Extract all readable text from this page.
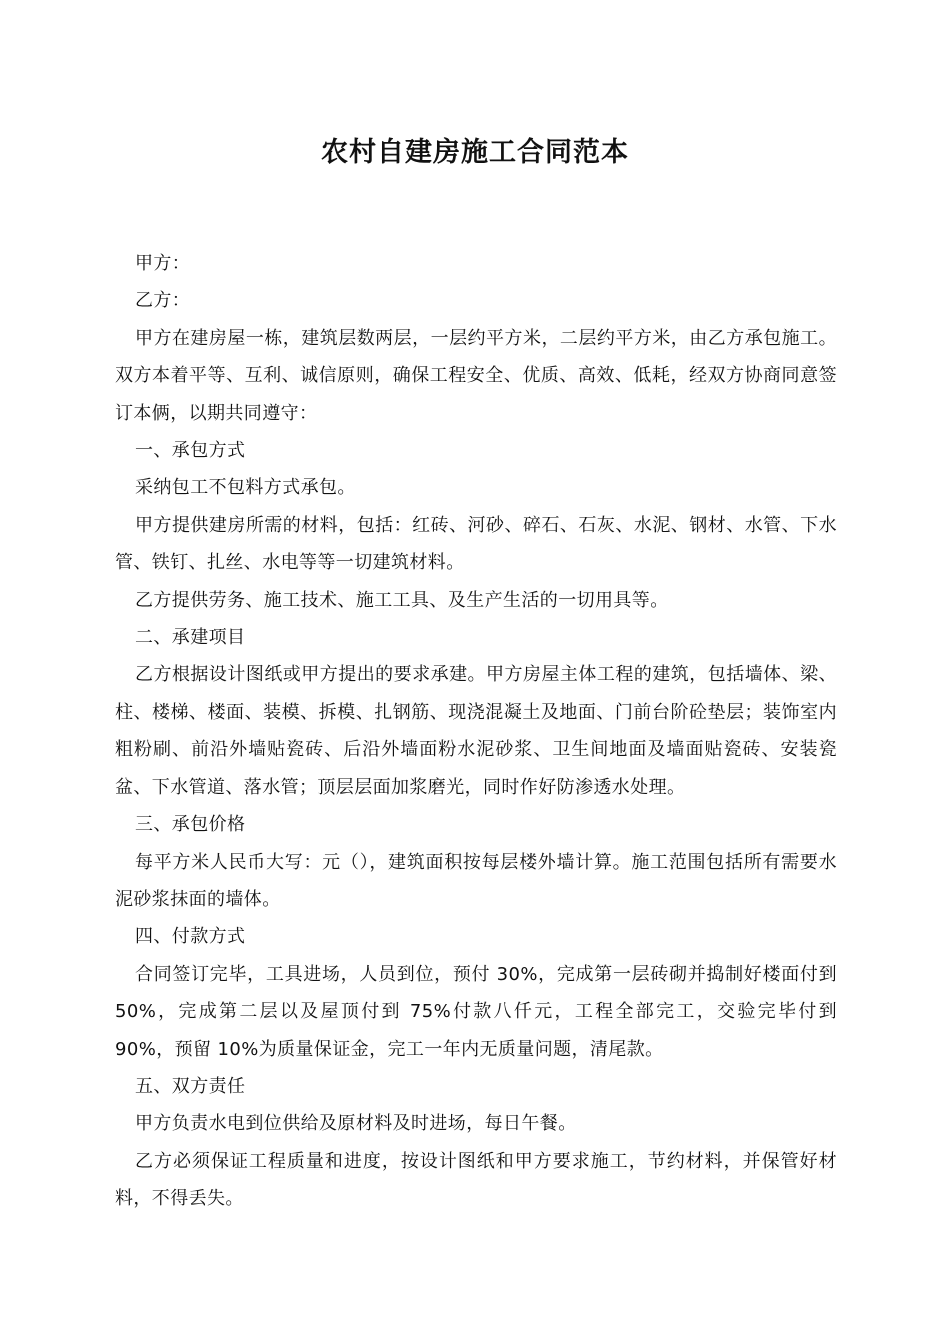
农村自建房施工合同范本

甲方：

乙方：

甲方在建房屋一栋，建筑层数两层，一层约平方米，二层约平方米，由乙方承包施工。双方本着平等、互利、诚信原则，确保工程安全、优质、高效、低耗，经双方协商同意签订本俩，以期共同遵守：

一、承包方式

采纳包工不包料方式承包。

甲方提供建房所需的材料，包括：红砖、河砂、碎石、石灰、水泥、钢材、水管、下水管、铁钉、扎丝、水电等等一切建筑材料。

乙方提供劳务、施工技术、施工工具、及生产生活的一切用具等。

二、承建项目

乙方根据设计图纸或甲方提出的要求承建。甲方房屋主体工程的建筑，包括墙体、梁、柱、楼梯、楼面、装模、拆模、扎钢筋、现浇混凝土及地面、门前台阶砼垫层；装饰室内粗粉刷、前沿外墙贴瓷砖、后沿外墙面粉水泥砂浆、卫生间地面及墙面贴瓷砖、安装瓷盆、下水管道、落水管；顶层层面加浆磨光，同时作好防渗透水处理。

三、承包价格

每平方米人民币大写：元（），建筑面积按每层楼外墙计算。施工范围包括所有需要水泥砂浆抹面的墙体。

四、付款方式

合同签订完毕，工具进场，人员到位，预付 30%，完成第一层砖砌并捣制好楼面付到 50%，完成第二层以及屋顶付到 75%付款八仟元，工程全部完工，交验完毕付到 90%，预留 10%为质量保证金，完工一年内无质量问题，清尾款。

五、双方责任

甲方负责水电到位供给及原材料及时进场，每日午餐。

乙方必须保证工程质量和进度，按设计图纸和甲方要求施工，节约材料，并保管好材料，不得丢失。
